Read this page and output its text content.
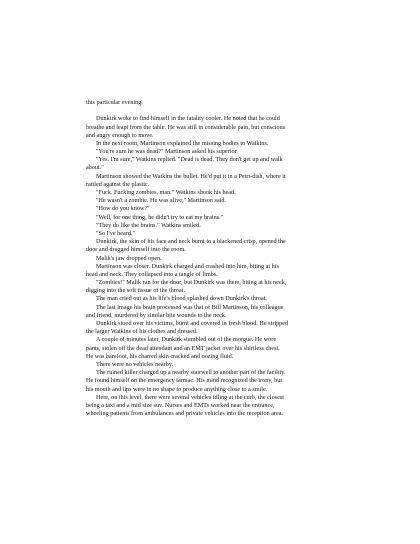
this particular evening.

Dunkirk woke to find himself in the fatality cooler. He noted that he could

breathe and leapt from the table. He was still in considerable pain, but conscious

and angry enough to move.

In the next room, Martinson explained the missing bodies to Watkins.

"You're sure he was dead?" Martinson asked his superior.

"Yes. I'm sure," Watkins replied. "Dead is dead. They don't get up and walk

about."

Martinson showed the Watkins the bullet. He'd put it in a Petri-dish, where it

rattled against the plastic.

"Fuck. Fucking zombies, man." Watkins shook his head.

"He wasn't a zombie. He was alive," Martinson said.

"How do you know?"

"Well, for one thing, he didn't try to eat my brains."

"They do like the brains." Watkins smiled.

"So I've heard."

Dunkirk, the skin of his face and neck burnt to a blackened crisp, opened the

door and dragged himself into the room.

Malik's jaw dropped open.

Martinson was closer. Dunkirk charged and crashed into him, biting at his

head and neck. They collapsed into a tangle of limbs.

"Zombies!" Malik ran for the door, but Dunkirk was there, biting at his neck,

digging into the soft tissue of the throat.

The man cried out as his life's blood splashed down Dunkirk's throat.

The last image his brain processed was that of Bill Martinson, his colleague

and friend, murdered by similar bite wounds to the neck.

Dunkirk stood over his victims, burnt and covered in fresh blood. He stripped

the larger Watkins of his clothes and dressed.

A couple of minutes later, Dunkirk stumbled out of the morgue. He wore

pants, stolen off the dead attendant and an EMT jacket over his shirtless chest.

He was barefoot, his charred skin cracked and oozing fluid.

There were no vehicles nearby.

The ruined killer charged up a nearby stairwell to another part of the facility.

He found himself on the emergency tarmac. His mind recognized the irony, but

his mouth and lips were in no shape to produce anything close to a smile.

Here, on this level, there were several vehicles idling at the curb, the closest

being a taxi and a mid size suv. Nurses and EMTs worked near the entrance,

wheeling patients from ambulances and private vehicles into the reception area.
